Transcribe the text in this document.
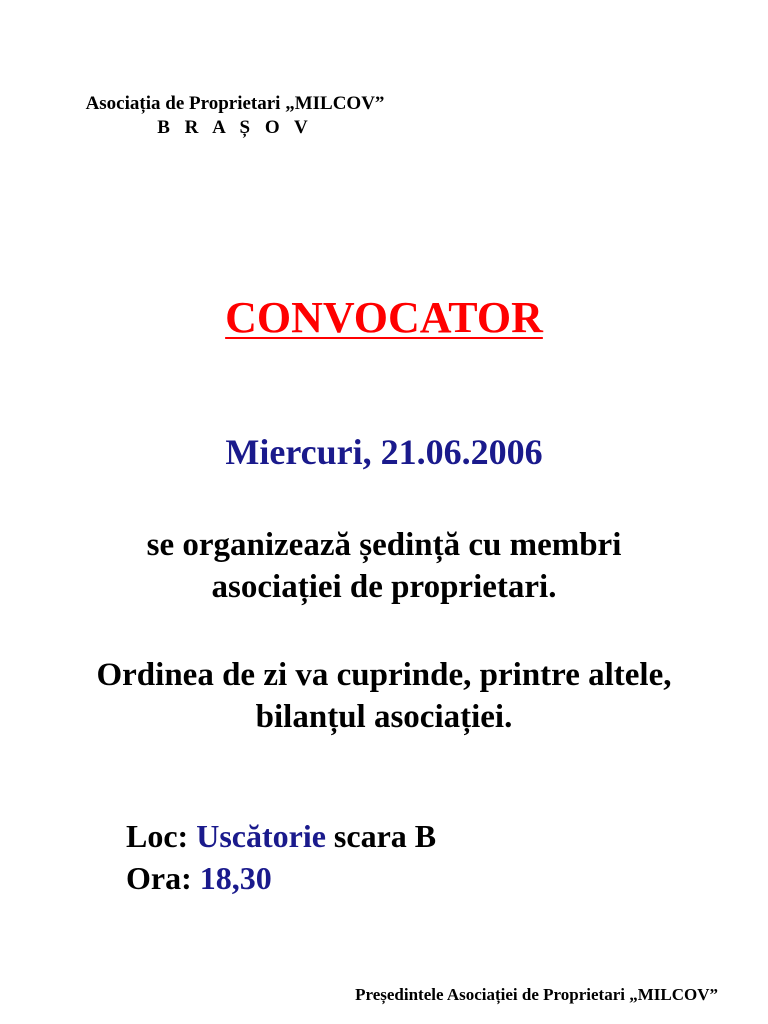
Asociația de Proprietari „MILCOV”
B R A Ș O V
CONVOCATOR
Miercuri, 21.06.2006
se organizează ședință cu membri
asociației de proprietari.
Ordinea de zi va cuprinde, printre altele,
bilanțul asociației.
Loc: Uscătorie scara B
Ora: 18,30
Președintele Asociației de Proprietari „MILCOV”
